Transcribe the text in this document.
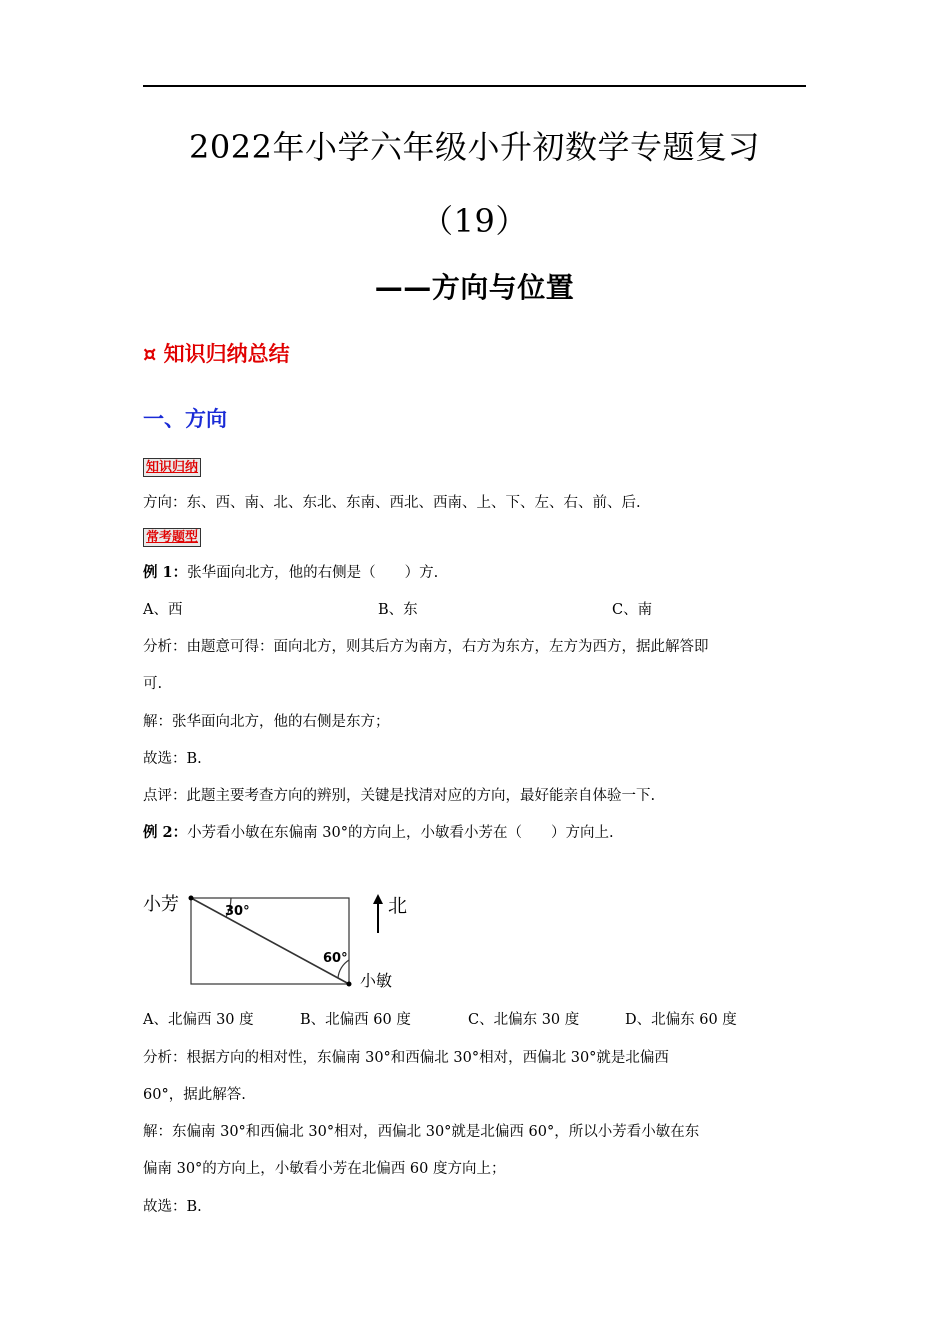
2022年小学六年级小升初数学专题复习
（19）
——方向与位置
¤ 知识归纳总结
一、方向
知识归纳
方向：东、西、南、北、东北、东南、西北、西南、上、下、左、右、前、后.
常考题型
例 1：张华面向北方，他的右侧是（　　）方.
A、西	B、东	C、南
分析：由题意可得：面向北方，则其后方为南方，右方为东方，左方为西方，据此解答即
可.
解：张华面向北方，他的右侧是东方；
故选：B.
点评：此题主要考查方向的辨别，关键是找清对应的方向，最好能亲自体验一下.
例 2：小芳看小敏在东偏南 30°的方向上，小敏看小芳在（　　）方向上.
小芳
小敏
30°
60°
北
A、北偏西 30 度	B、北偏西 60 度	C、北偏东 30 度	D、北偏东 60 度
分析：根据方向的相对性，东偏南 30°和西偏北 30°相对，西偏北 30°就是北偏西
60°，据此解答.
解：东偏南 30°和西偏北 30°相对，西偏北 30°就是北偏西 60°，所以小芳看小敏在东
偏南 30°的方向上，小敏看小芳在北偏西 60 度方向上；
故选：B.
